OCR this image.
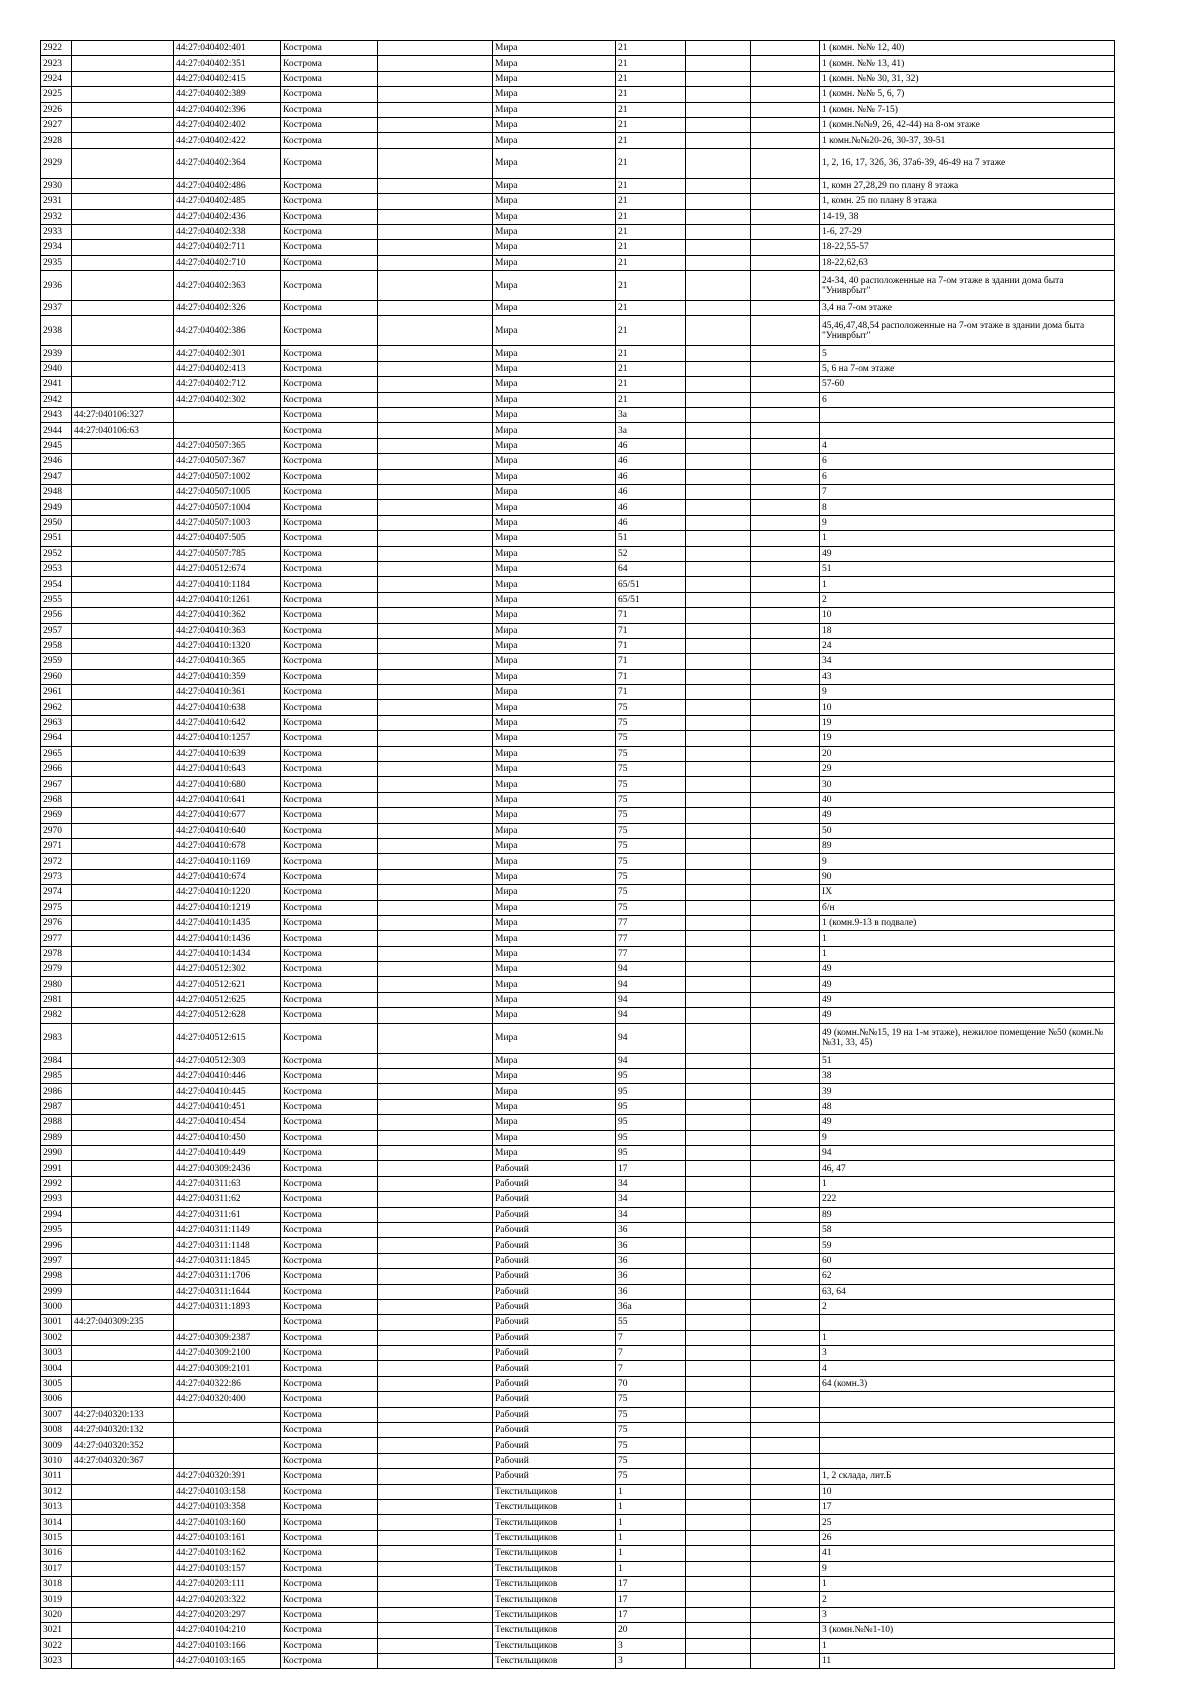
2922		44:27:040402:401	Кострома		Мира	21			1 (комн. №№ 12, 40)
2923		44:27:040402:351	Кострома		Мира	21			1 (комн. №№ 13, 41)
2924		44:27:040402:415	Кострома		Мира	21			1 (комн. №№ 30, 31, 32)
2925		44:27:040402:389	Кострома		Мира	21			1 (комн. №№ 5, 6, 7)
2926		44:27:040402:396	Кострома		Мира	21			1 (комн. №№ 7-15)
2927		44:27:040402:402	Кострома		Мира	21			1 (комн.№№9, 26, 42-44) на 8-ом этаже
2928		44:27:040402:422	Кострома		Мира	21			1 комн.№№20-26, 30-37, 39-51
2929		44:27:040402:364	Кострома		Мира	21			1, 2, 16, 17, 32б, 36, 37а6-39, 46-49 на 7 этаже
2930		44:27:040402:486	Кострома		Мира	21			1, комн 27,28,29 по плану 8 этажа
2931		44:27:040402:485	Кострома		Мира	21			1, комн. 25 по плану 8 этажа
2932		44:27:040402:436	Кострома		Мира	21			14-19, 38
2933		44:27:040402:338	Кострома		Мира	21			1-6, 27-29
2934		44:27:040402:711	Кострома		Мира	21			18-22,55-57
2935		44:27:040402:710	Кострома		Мира	21			18-22,62,63
2936		44:27:040402:363	Кострома		Мира	21			24-34, 40 расположенные на 7-ом этаже в здании дома быта "Униврбыт"
2937		44:27:040402:326	Кострома		Мира	21			3,4 на 7-ом этаже
2938		44:27:040402:386	Кострома		Мира	21			45,46,47,48,54 расположенные на 7-ом этаже в здании дома быта "Униврбыт"
2939		44:27:040402:301	Кострома		Мира	21			5
2940		44:27:040402:413	Кострома		Мира	21			5, 6 на 7-ом этаже
2941		44:27:040402:712	Кострома		Мира	21			57-60
2942		44:27:040402:302	Кострома		Мира	21			6
2943	44:27:040106:327		Кострома		Мира	3а			
2944	44:27:040106:63		Кострома		Мира	3а			
2945		44:27:040507:365	Кострома		Мира	46			4
2946		44:27:040507:367	Кострома		Мира	46			6
2947		44:27:040507:1002	Кострома		Мира	46			6
2948		44:27:040507:1005	Кострома		Мира	46			7
2949		44:27:040507:1004	Кострома		Мира	46			8
2950		44:27:040507:1003	Кострома		Мира	46			9
2951		44:27:040407:505	Кострома		Мира	51			1
2952		44:27:040507:785	Кострома		Мира	52			49
2953		44:27:040512:674	Кострома		Мира	64			51
2954		44:27:040410:1184	Кострома		Мира	65/51			1
2955		44:27:040410:1261	Кострома		Мира	65/51			2
2956		44:27:040410:362	Кострома		Мира	71			10
2957		44:27:040410:363	Кострома		Мира	71			18
2958		44:27:040410:1320	Кострома		Мира	71			24
2959		44:27:040410:365	Кострома		Мира	71			34
2960		44:27:040410:359	Кострома		Мира	71			43
2961		44:27:040410:361	Кострома		Мира	71			9
2962		44:27:040410:638	Кострома		Мира	75			10
2963		44:27:040410:642	Кострома		Мира	75			19
2964		44:27:040410:1257	Кострома		Мира	75			19
2965		44:27:040410:639	Кострома		Мира	75			20
2966		44:27:040410:643	Кострома		Мира	75			29
2967		44:27:040410:680	Кострома		Мира	75			30
2968		44:27:040410:641	Кострома		Мира	75			40
2969		44:27:040410:677	Кострома		Мира	75			49
2970		44:27:040410:640	Кострома		Мира	75			50
2971		44:27:040410:678	Кострома		Мира	75			89
2972		44:27:040410:1169	Кострома		Мира	75			9
2973		44:27:040410:674	Кострома		Мира	75			90
2974		44:27:040410:1220	Кострома		Мира	75			IX
2975		44:27:040410:1219	Кострома		Мира	75			б/н
2976		44:27:040410:1435	Кострома		Мира	77			1 (комн.9-13 в подвале)
2977		44:27:040410:1436	Кострома		Мира	77			1
2978		44:27:040410:1434	Кострома		Мира	77			1
2979		44:27:040512:302	Кострома		Мира	94			49
2980		44:27:040512:621	Кострома		Мира	94			49
2981		44:27:040512:625	Кострома		Мира	94			49
2982		44:27:040512:628	Кострома		Мира	94			49
2983		44:27:040512:615	Кострома		Мира	94			49 (комн.№№15, 19 на 1-м этаже), нежилое помещение №50 (комн.№№31, 33, 45)
2984		44:27:040512:303	Кострома		Мира	94			51
2985		44:27:040410:446	Кострома		Мира	95			38
2986		44:27:040410:445	Кострома		Мира	95			39
2987		44:27:040410:451	Кострома		Мира	95			48
2988		44:27:040410:454	Кострома		Мира	95			49
2989		44:27:040410:450	Кострома		Мира	95			9
2990		44:27:040410:449	Кострома		Мира	95			94
2991		44:27:040309:2436	Кострома		Рабочий	17			46, 47
2992		44:27:040311:63	Кострома		Рабочий	34			1
2993		44:27:040311:62	Кострома		Рабочий	34			222
2994		44:27:040311:61	Кострома		Рабочий	34			89
2995		44:27:040311:1149	Кострома		Рабочий	36			58
2996		44:27:040311:1148	Кострома		Рабочий	36			59
2997		44:27:040311:1845	Кострома		Рабочий	36			60
2998		44:27:040311:1706	Кострома		Рабочий	36			62
2999		44:27:040311:1644	Кострома		Рабочий	36			63, 64
3000		44:27:040311:1893	Кострома		Рабочий	36а			2
3001	44:27:040309:235		Кострома		Рабочий	55			
3002		44:27:040309:2387	Кострома		Рабочий	7			1
3003		44:27:040309:2100	Кострома		Рабочий	7			3
3004		44:27:040309:2101	Кострома		Рабочий	7			4
3005		44:27:040322:86	Кострома		Рабочий	70			64 (комн.3)
3006		44:27:040320:400	Кострома		Рабочий	75			
3007	44:27:040320:133		Кострома		Рабочий	75			
3008	44:27:040320:132		Кострома		Рабочий	75			
3009	44:27:040320:352		Кострома		Рабочий	75			
3010	44:27:040320:367		Кострома		Рабочий	75			
3011		44:27:040320:391	Кострома		Рабочий	75			1, 2 склада, лит.Б
3012		44:27:040103:158	Кострома		Текстильщиков	1			10
3013		44:27:040103:358	Кострома		Текстильщиков	1			17
3014		44:27:040103:160	Кострома		Текстильщиков	1			25
3015		44:27:040103:161	Кострома		Текстильщиков	1			26
3016		44:27:040103:162	Кострома		Текстильщиков	1			41
3017		44:27:040103:157	Кострома		Текстильщиков	1			9
3018		44:27:040203:111	Кострома		Текстильщиков	17			1
3019		44:27:040203:322	Кострома		Текстильщиков	17			2
3020		44:27:040203:297	Кострома		Текстильщиков	17			3
3021		44:27:040104:210	Кострома		Текстильщиков	20			3 (комн.№№1-10)
3022		44:27:040103:166	Кострома		Текстильщиков	3			1
3023		44:27:040103:165	Кострома		Текстильщиков	3			11
